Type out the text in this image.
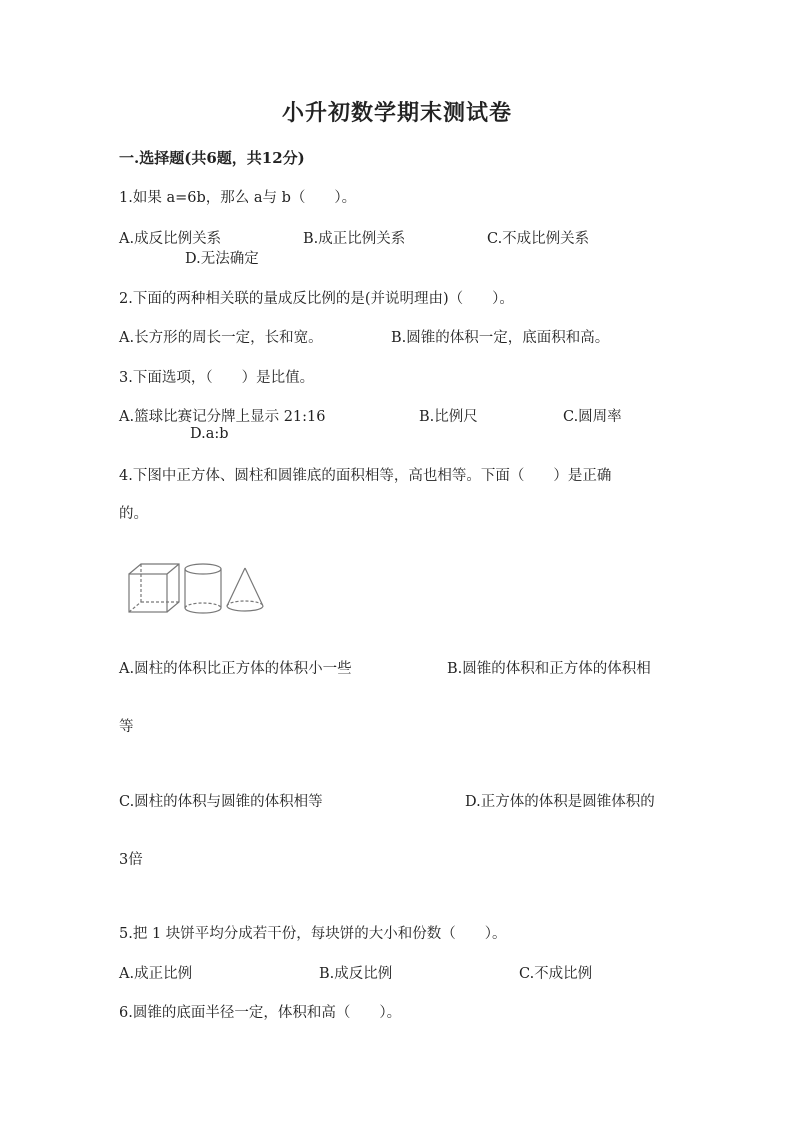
小升初数学期末测试卷
一.选择题(共6题，共12分)
1.如果 a=6b，那么 a与 b（　　）。
A.成反比例关系	B.成正比例关系	C.不成比例关系
D.无法确定
2.下面的两种相关联的量成反比例的是(并说明理由)（　　）。
A.长方形的周长一定，长和宽。	B.圆锥的体积一定，底面积和高。
3.下面选项，（　　）是比值。
A.篮球比赛记分牌上显示 21:16	B.比例尺	C.圆周率
D.a:b
4.下图中正方体、圆柱和圆锥底的面积相等，高也相等。下面（　　）是正确
的。
A.圆柱的体积比正方体的体积小一些	B.圆锥的体积和正方体的体积相
等
C.圆柱的体积与圆锥的体积相等	D.正方体的体积是圆锥体积的
3倍
5.把 1 块饼平均分成若干份，每块饼的大小和份数（　　）。
A.成正比例	B.成反比例	C.不成比例
6.圆锥的底面半径一定，体积和高（　　）。
